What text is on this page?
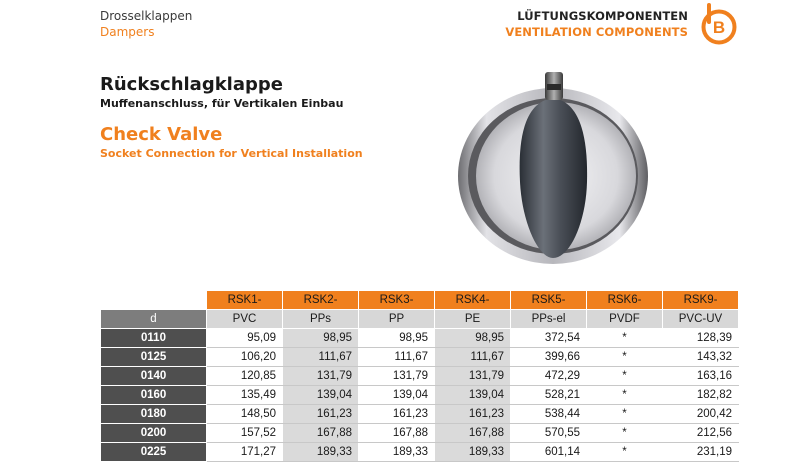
Drosselklappen
Dampers
LÜFTUNGSKOMPONENTEN
VENTILATION COMPONENTS B
Rückschlagklappe
Muffenanschluss, für Vertikalen Einbau
Check Valve
Socket Connection for Vertical Installation
	RSK1-	RSK2-	RSK3-	RSK4-	RSK5-	RSK6-	RSK9-
d	PVC	PPs	PP	PE	PPs-el	PVDF	PVC-UV
0110	95,09	98,95	98,95	98,95	372,54	*	128,39
0125	106,20	111,67	111,67	111,67	399,66	*	143,32
0140	120,85	131,79	131,79	131,79	472,29	*	163,16
0160	135,49	139,04	139,04	139,04	528,21	*	182,82
0180	148,50	161,23	161,23	161,23	538,44	*	200,42
0200	157,52	167,88	167,88	167,88	570,55	*	212,56
0225	171,27	189,33	189,33	189,33	601,14	*	231,19
